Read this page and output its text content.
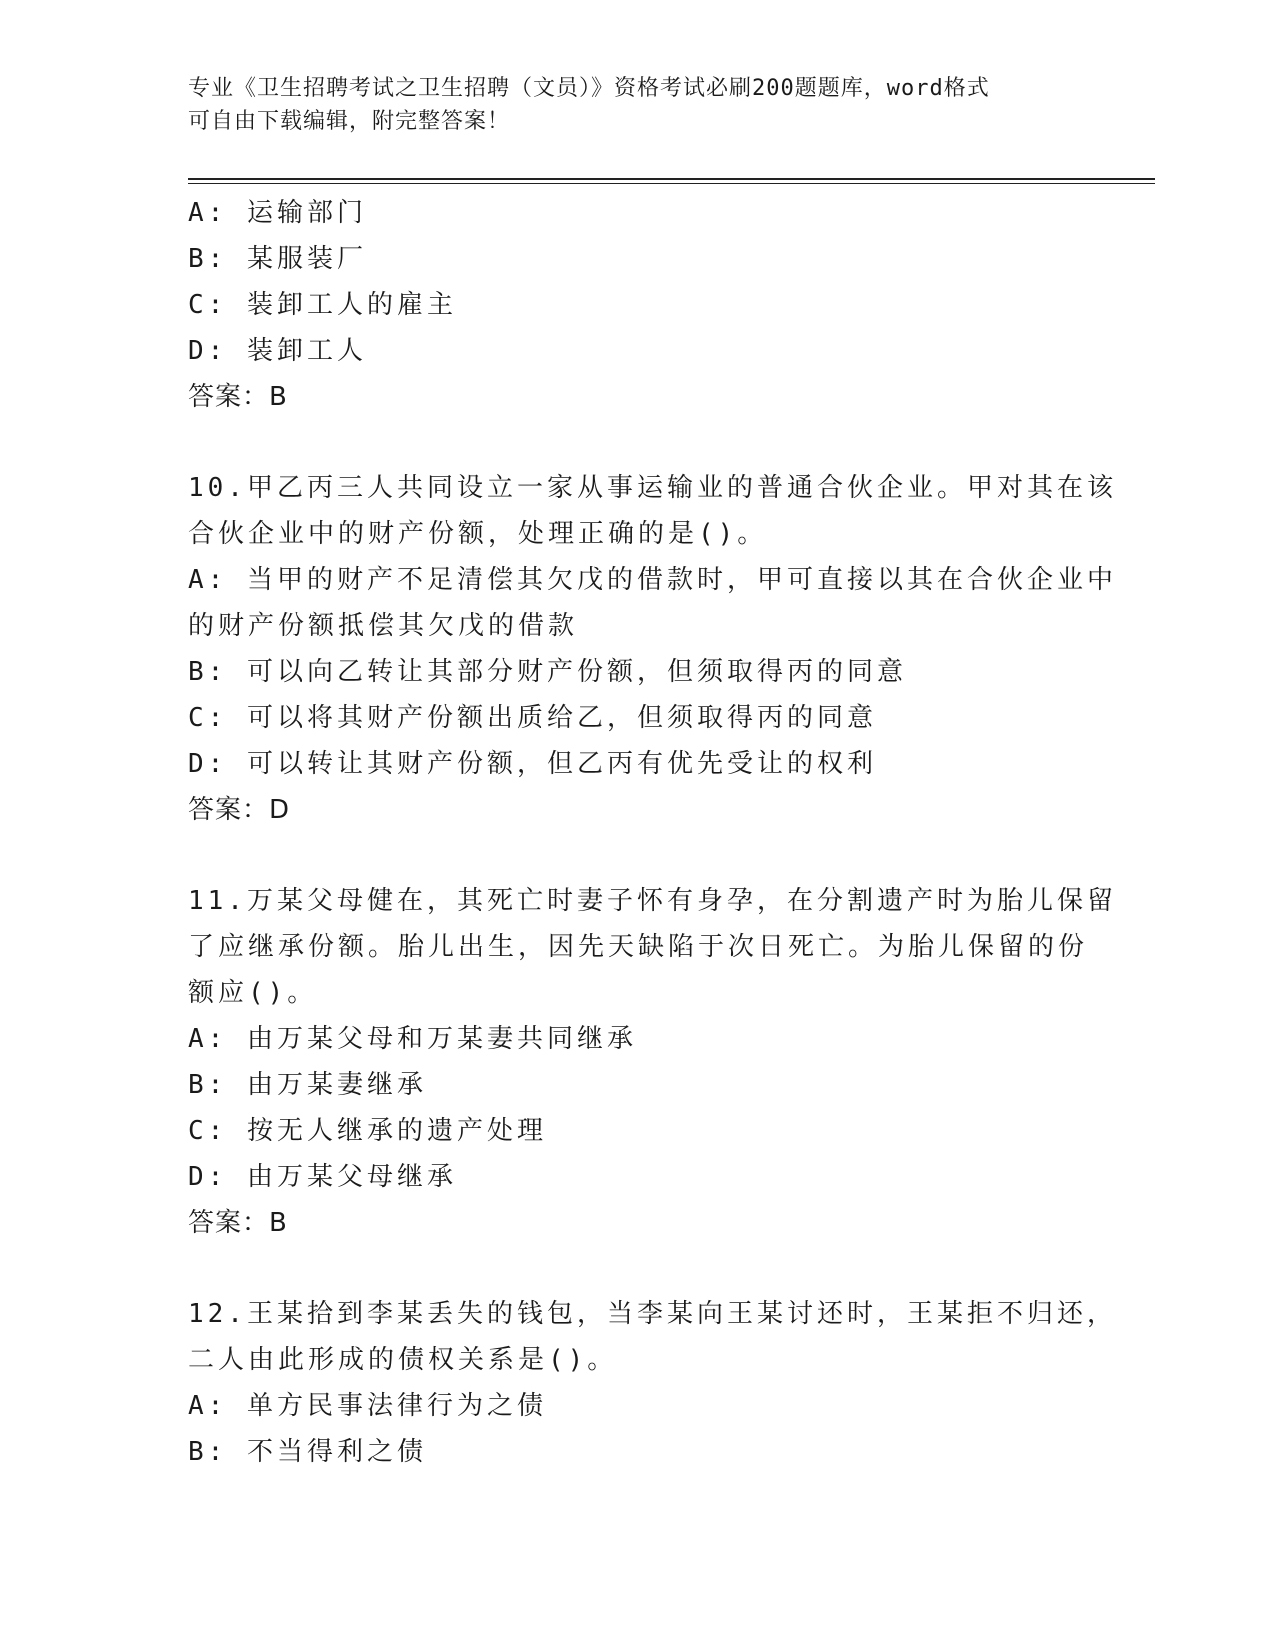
专业《卫生招聘考试之卫生招聘（文员）》资格考试必刷200题题库，word格式
可自由下载编辑，附完整答案！
A: 运输部门
B: 某服装厂
C: 装卸工人的雇主
D: 装卸工人
答案：B
10.甲乙丙三人共同设立一家从事运输业的普通合伙企业。甲对其在该
合伙企业中的财产份额，处理正确的是()。
A: 当甲的财产不足清偿其欠戊的借款时，甲可直接以其在合伙企业中
的财产份额抵偿其欠戊的借款
B: 可以向乙转让其部分财产份额，但须取得丙的同意
C: 可以将其财产份额出质给乙，但须取得丙的同意
D: 可以转让其财产份额，但乙丙有优先受让的权利
答案：D
11.万某父母健在，其死亡时妻子怀有身孕，在分割遗产时为胎儿保留
了应继承份额。胎儿出生，因先天缺陷于次日死亡。为胎儿保留的份
额应()。
A: 由万某父母和万某妻共同继承
B: 由万某妻继承
C: 按无人继承的遗产处理
D: 由万某父母继承
答案：B
12.王某拾到李某丢失的钱包，当李某向王某讨还时，王某拒不归还，
二人由此形成的债权关系是()。
A: 单方民事法律行为之债
B: 不当得利之债
